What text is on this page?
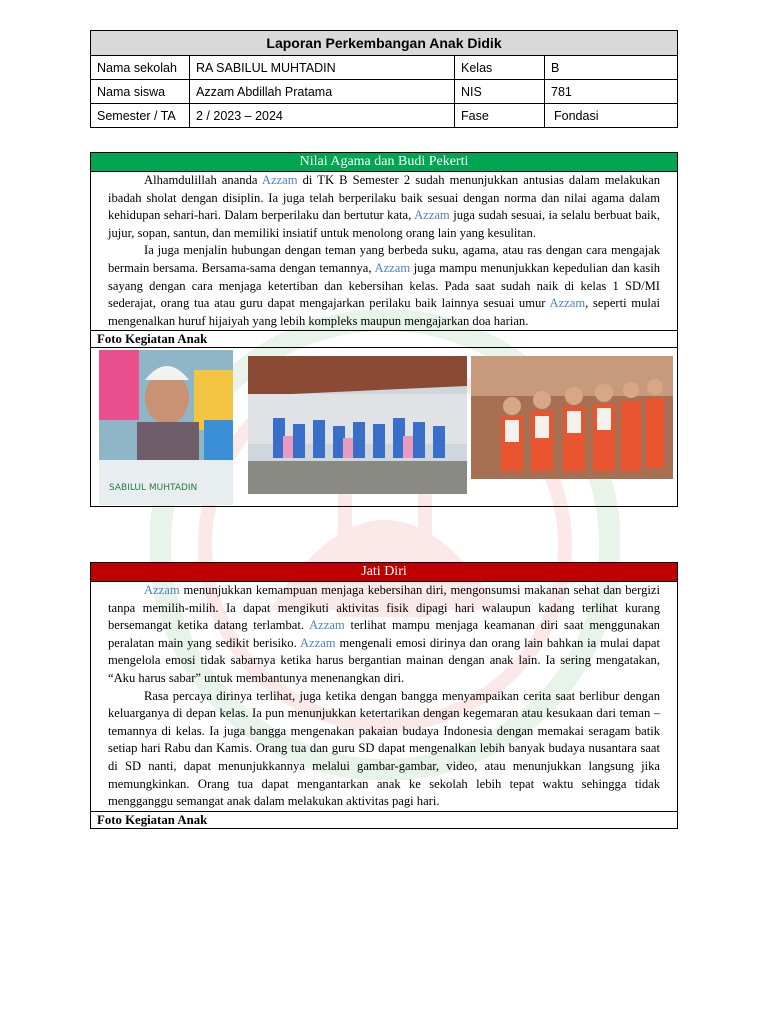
Laporan Perkembangan Anak Didik			
Nama sekolah	RA SABILUL MUHTADIN	Kelas	B
Nama siswa	Azzam Abdillah Pratama	NIS	781
Semester / TA	2 / 2023 – 2024	Fase	Fondasi
Nilai Agama dan Budi Pekerti

Alhamdulillah ananda Azzam di TK B Semester 2 sudah menunjukkan antusias dalam melakukan ibadah sholat dengan disiplin. Ia juga telah berperilaku baik sesuai dengan norma dan nilai agama dalam kehidupan sehari-hari. Dalam berperilaku dan bertutur kata, Azzam juga sudah sesuai, ia selalu berbuat baik, jujur, sopan, santun, dan memiliki insiatif untuk menolong orang lain yang kesulitan.

Ia juga menjalin hubungan dengan teman yang berbeda suku, agama, atau ras dengan cara mengajak bermain bersama. Bersama-sama dengan temannya, Azzam juga mampu menunjukkan kepedulian dan kasih sayang dengan cara menjaga ketertiban dan kebersihan kelas. Pada saat sudah naik di kelas 1 SD/MI sederajat, orang tua atau guru dapat mengajarkan perilaku baik lainnya sesuai umur Azzam, seperti mulai mengenalkan huruf hijaiyah yang lebih kompleks maupun mengajarkan doa harian.

Foto Kegiatan Anak
SABILUL MUHTADIN
Jati Diri

Azzam menunjukkan kemampuan menjaga kebersihan diri, mengonsumsi makanan sehat dan bergizi tanpa memilih-milih. Ia dapat mengikuti aktivitas fisik dipagi hari walaupun kadang terlihat kurang bersemangat ketika datang terlambat. Azzam terlihat mampu menjaga keamanan diri saat menggunakan peralatan main yang sedikit berisiko. Azzam mengenali emosi dirinya dan orang lain bahkan ia mulai dapat mengelola emosi tidak sabarnya ketika harus bergantian mainan dengan anak lain. Ia sering mengatakan, “Aku harus sabar” untuk membantunya menenangkan diri.

Rasa percaya dirinya terlihat, juga ketika dengan bangga menyampaikan cerita saat berlibur dengan keluarganya di depan kelas. Ia pun menunjukkan ketertarikan dengan kegemaran atau kesukaan dari teman – temannya di kelas. Ia juga bangga mengenakan pakaian budaya Indonesia dengan memakai seragam batik setiap hari Rabu dan Kamis. Orang tua dan guru SD dapat mengenalkan lebih banyak budaya nusantara saat di SD nanti, dapat menunjukkannya melalui gambar-gambar, video, atau menunjukkan langsung jika memungkinkan. Orang tua dapat mengantarkan anak ke sekolah lebih tepat waktu sehingga tidak mengganggu semangat anak dalam melakukan aktivitas pagi hari.

Foto Kegiatan Anak
